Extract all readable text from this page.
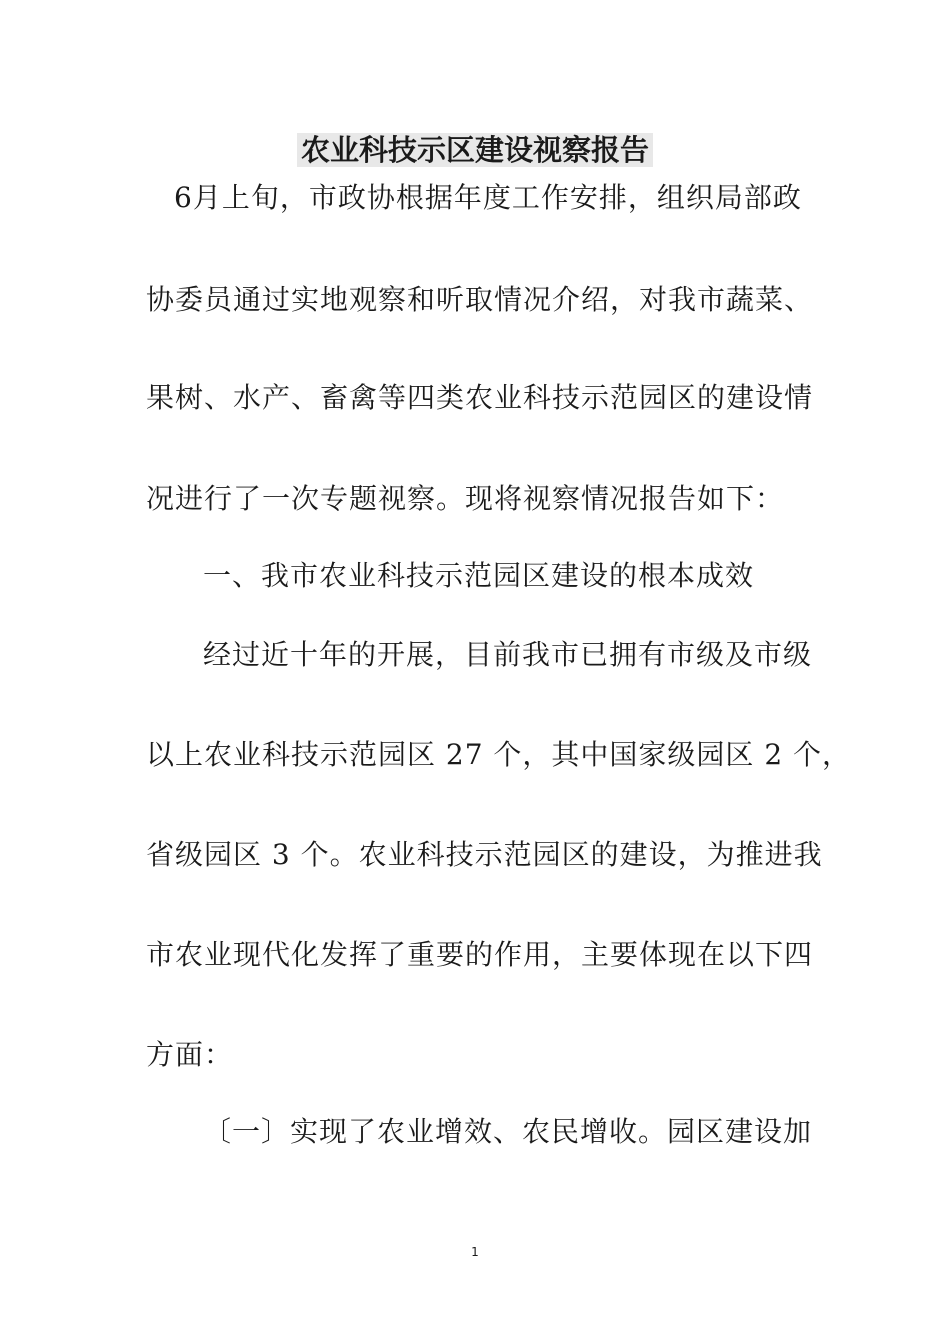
农业科技示区建设视察报告
6月上旬，市政协根据年度工作安排，组织局部政
协委员通过实地观察和听取情况介绍，对我市蔬菜、
果树、水产、畜禽等四类农业科技示范园区的建设情
况进行了一次专题视察。现将视察情况报告如下：
一、我市农业科技示范园区建设的根本成效
经过近十年的开展，目前我市已拥有市级及市级
以上农业科技示范园区 27 个，其中国家级园区 2 个，
省级园区 3 个。农业科技示范园区的建设，为推进我
市农业现代化发挥了重要的作用，主要体现在以下四
方面：
〔一〕实现了农业增效、农民增收。园区建设加
1
